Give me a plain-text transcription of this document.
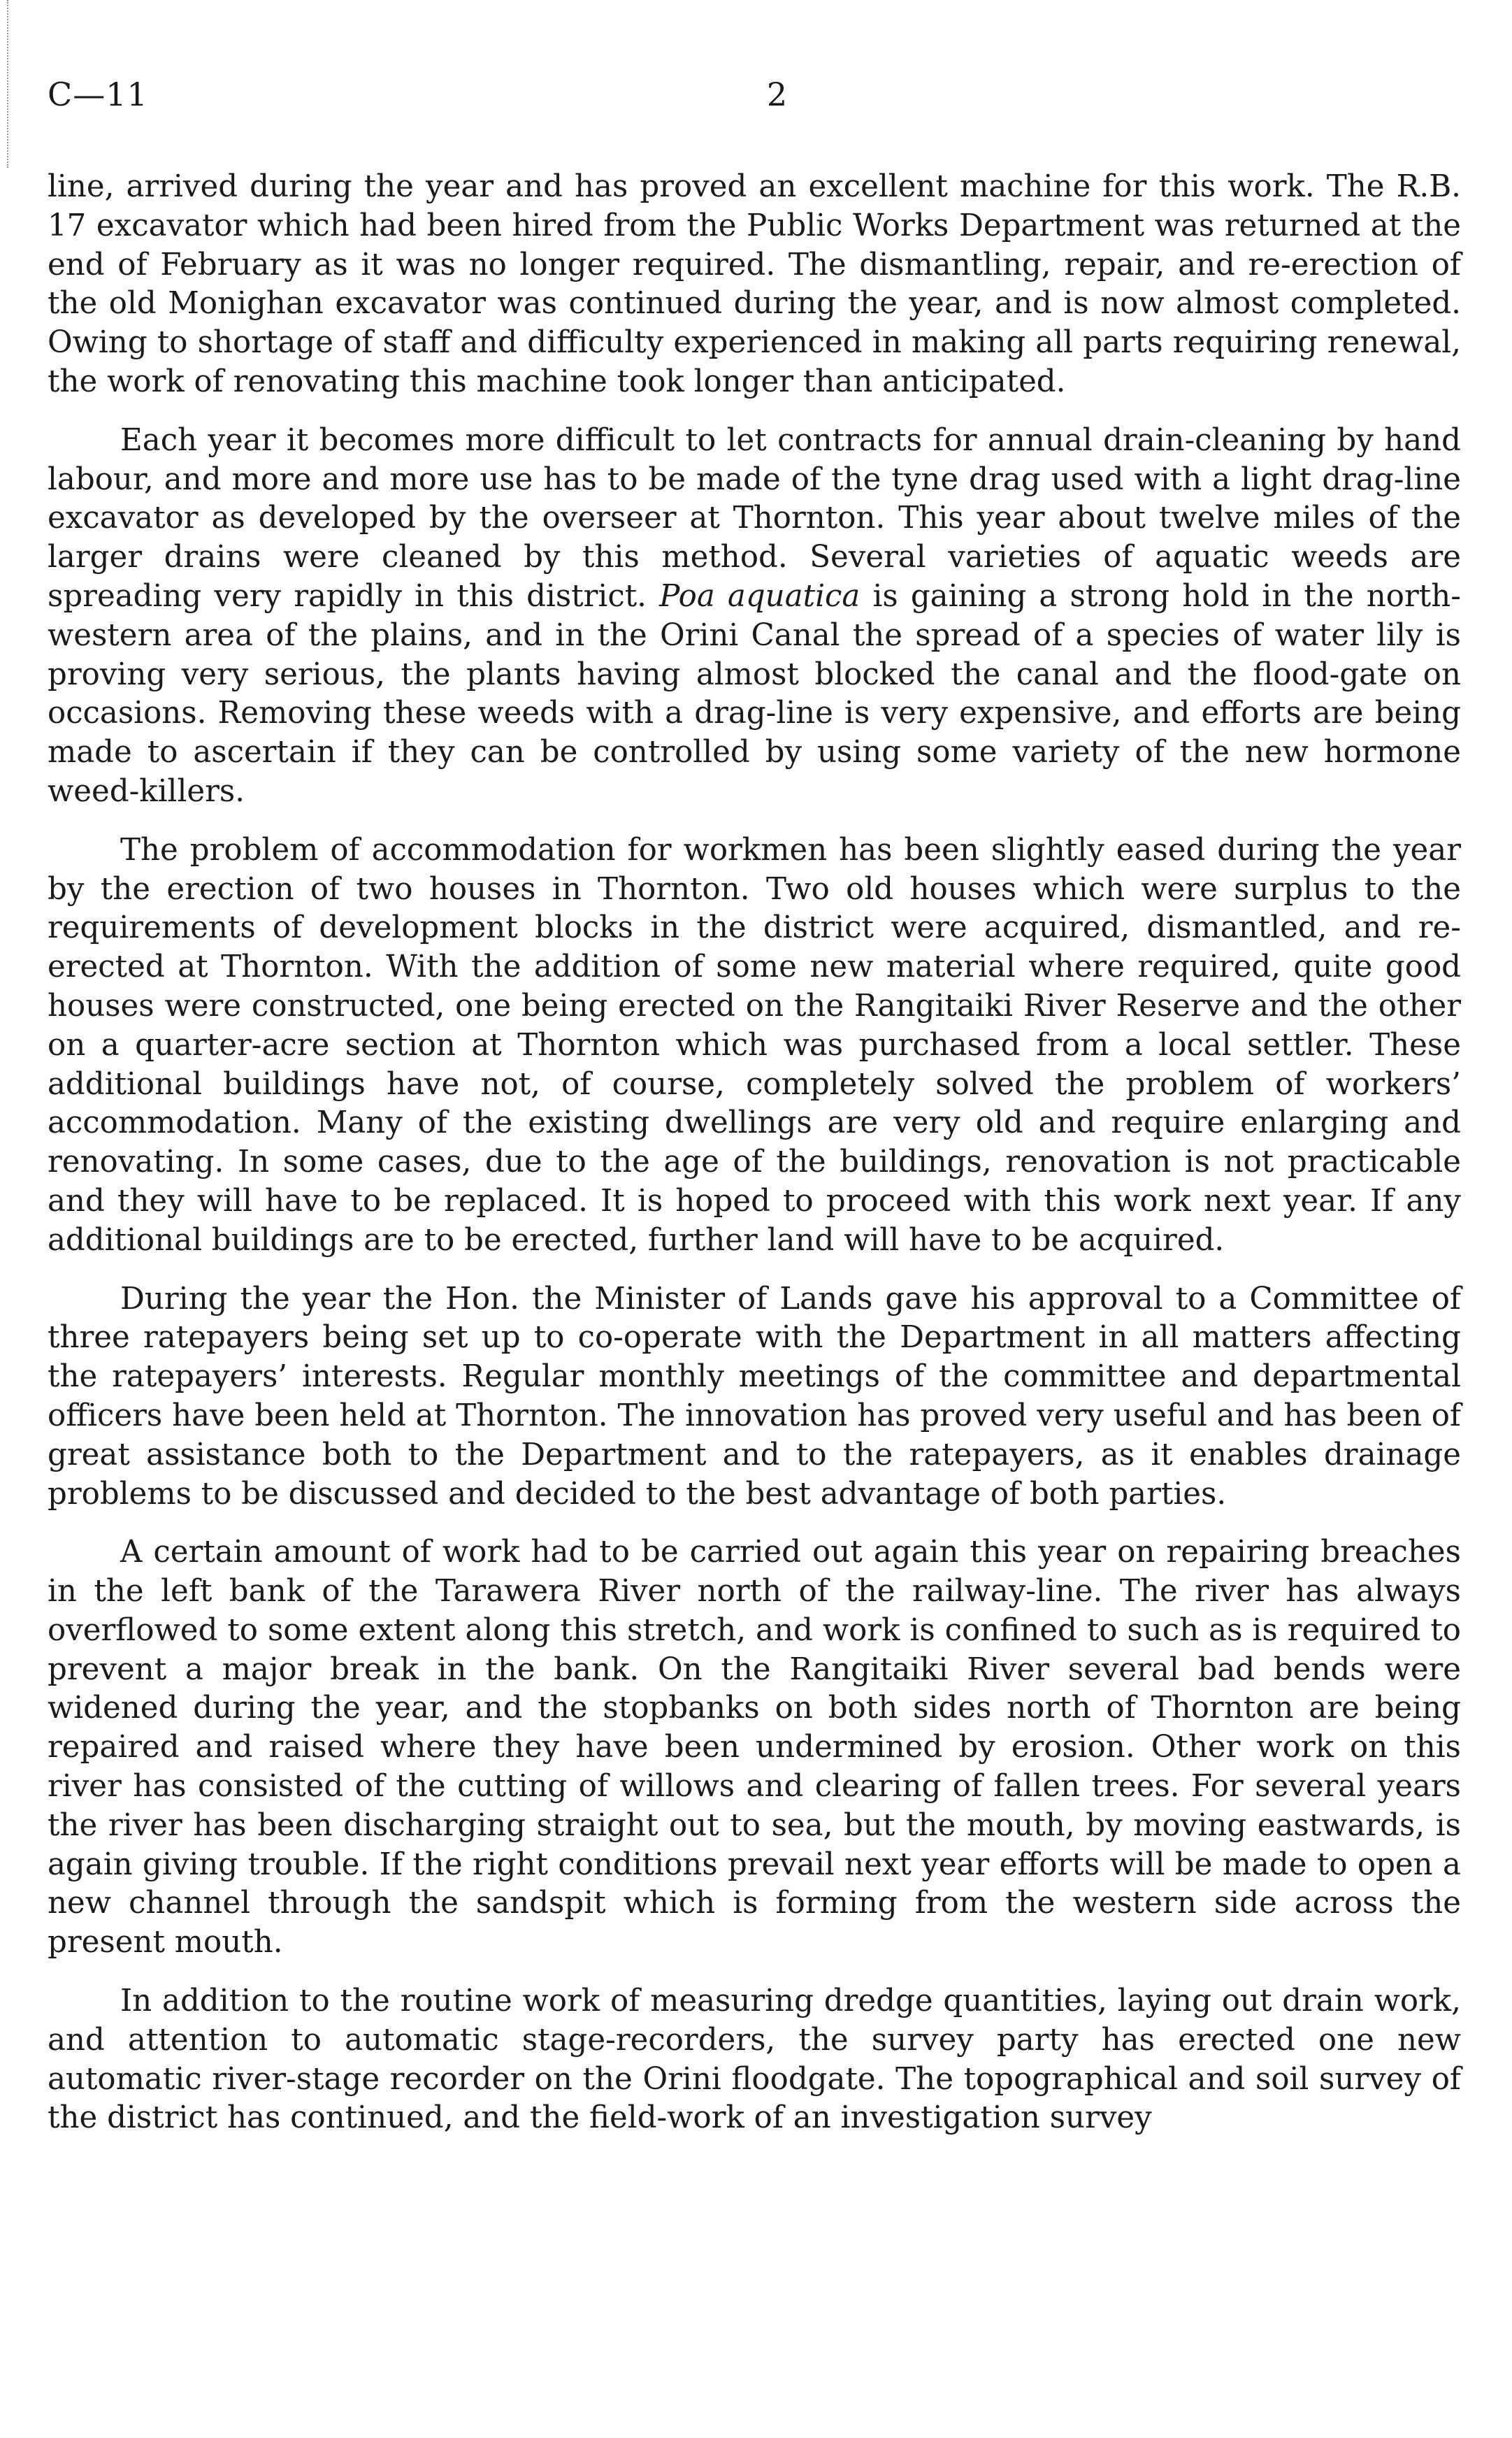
C—11	2

line, arrived during the year and has proved an excellent machine for this work. The R.B. 17 excavator which had been hired from the Public Works Department was returned at the end of February as it was no longer required. The dismantling, repair, and re-erection of the old Monighan excavator was continued during the year, and is now almost completed. Owing to shortage of staff and difficulty experienced in making all parts requiring renewal, the work of renovating this machine took longer than anticipated.

Each year it becomes more difficult to let contracts for annual drain-cleaning by hand labour, and more and more use has to be made of the tyne drag used with a light drag-line excavator as developed by the overseer at Thornton. This year about twelve miles of the larger drains were cleaned by this method. Several varieties of aquatic weeds are spreading very rapidly in this district. Poa aquatica is gaining a strong hold in the north-western area of the plains, and in the Orini Canal the spread of a species of water lily is proving very serious, the plants having almost blocked the canal and the flood-gate on occasions. Removing these weeds with a drag-line is very expensive, and efforts are being made to ascertain if they can be controlled by using some variety of the new hormone weed-killers.

The problem of accommodation for workmen has been slightly eased during the year by the erection of two houses in Thornton. Two old houses which were surplus to the requirements of development blocks in the district were acquired, dismantled, and re-erected at Thornton. With the addition of some new material where required, quite good houses were constructed, one being erected on the Rangitaiki River Reserve and the other on a quarter-acre section at Thornton which was purchased from a local settler. These additional buildings have not, of course, completely solved the problem of workers’ accommodation. Many of the existing dwellings are very old and require enlarging and renovating. In some cases, due to the age of the buildings, renovation is not practicable and they will have to be replaced. It is hoped to proceed with this work next year. If any additional buildings are to be erected, further land will have to be acquired.

During the year the Hon. the Minister of Lands gave his approval to a Committee of three ratepayers being set up to co-operate with the Department in all matters affecting the ratepayers’ interests. Regular monthly meetings of the committee and departmental officers have been held at Thornton. The innovation has proved very useful and has been of great assistance both to the Department and to the ratepayers, as it enables drainage problems to be discussed and decided to the best advantage of both parties.

A certain amount of work had to be carried out again this year on repairing breaches in the left bank of the Tarawera River north of the railway-line. The river has always overflowed to some extent along this stretch, and work is confined to such as is required to prevent a major break in the bank. On the Rangitaiki River several bad bends were widened during the year, and the stopbanks on both sides north of Thornton are being repaired and raised where they have been undermined by erosion. Other work on this river has consisted of the cutting of willows and clearing of fallen trees. For several years the river has been discharging straight out to sea, but the mouth, by moving eastwards, is again giving trouble. If the right conditions prevail next year efforts will be made to open a new channel through the sandspit which is forming from the western side across the present mouth.

In addition to the routine work of measuring dredge quantities, laying out drain work, and attention to automatic stage-recorders, the survey party has erected one new automatic river-stage recorder on the Orini floodgate. The topographical and soil survey of the district has continued, and the field-work of an investigation survey
